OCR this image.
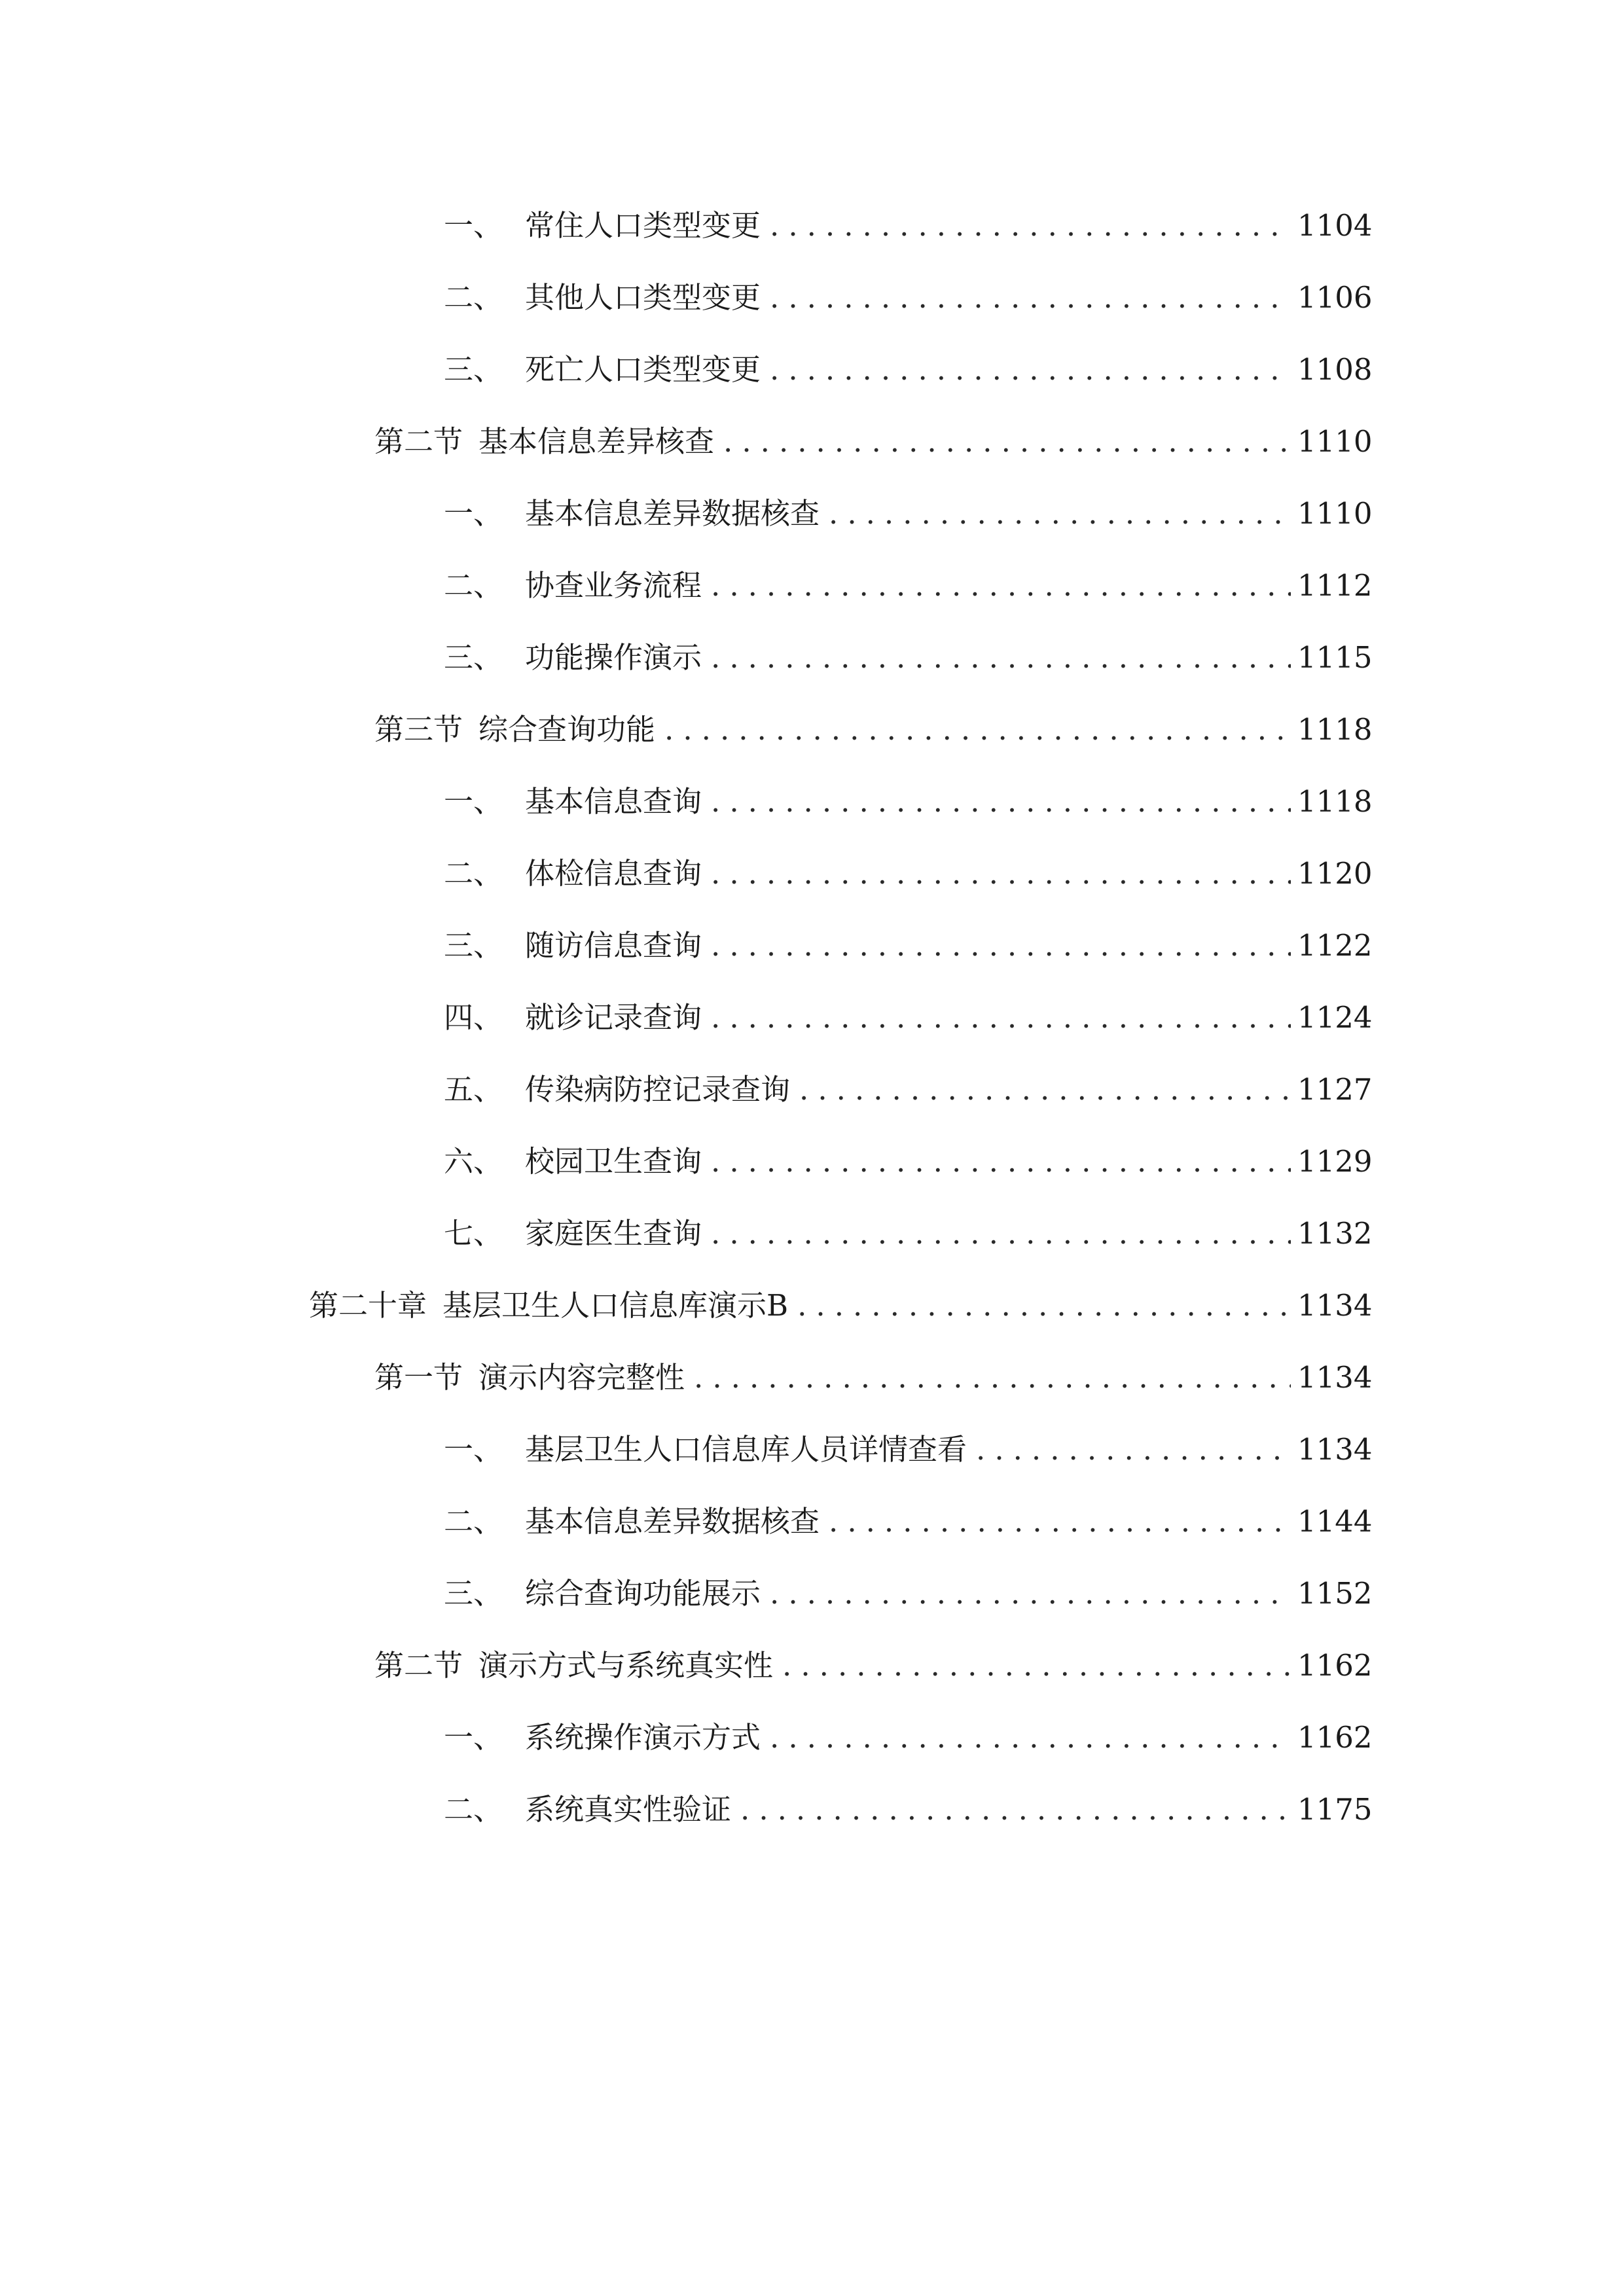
一、 常住人口类型变更 .....	1104
二、 其他人口类型变更 .....	1106
三、 死亡人口类型变更 .....	1108
第二节 基本信息差异核查 .....	1110
一、 基本信息差异数据核查 .....	1110
二、 协查业务流程 .....	1112
三、 功能操作演示 .....	1115
第三节 综合查询功能 .....	1118
一、 基本信息查询 .....	1118
二、 体检信息查询 .....	1120
三、 随访信息查询 .....	1122
四、 就诊记录查询 .....	1124
五、 传染病防控记录查询 .....	1127
六、 校园卫生查询 .....	1129
七、 家庭医生查询 .....	1132
第二十章 基层卫生人口信息库演示B .....	1134
第一节 演示内容完整性 .....	1134
一、 基层卫生人口信息库人员详情查看 .....	1134
二、 基本信息差异数据核查 .....	1144
三、 综合查询功能展示 .....	1152
第二节 演示方式与系统真实性 .....	1162
一、 系统操作演示方式 .....	1162
二、 系统真实性验证 .....	1175
